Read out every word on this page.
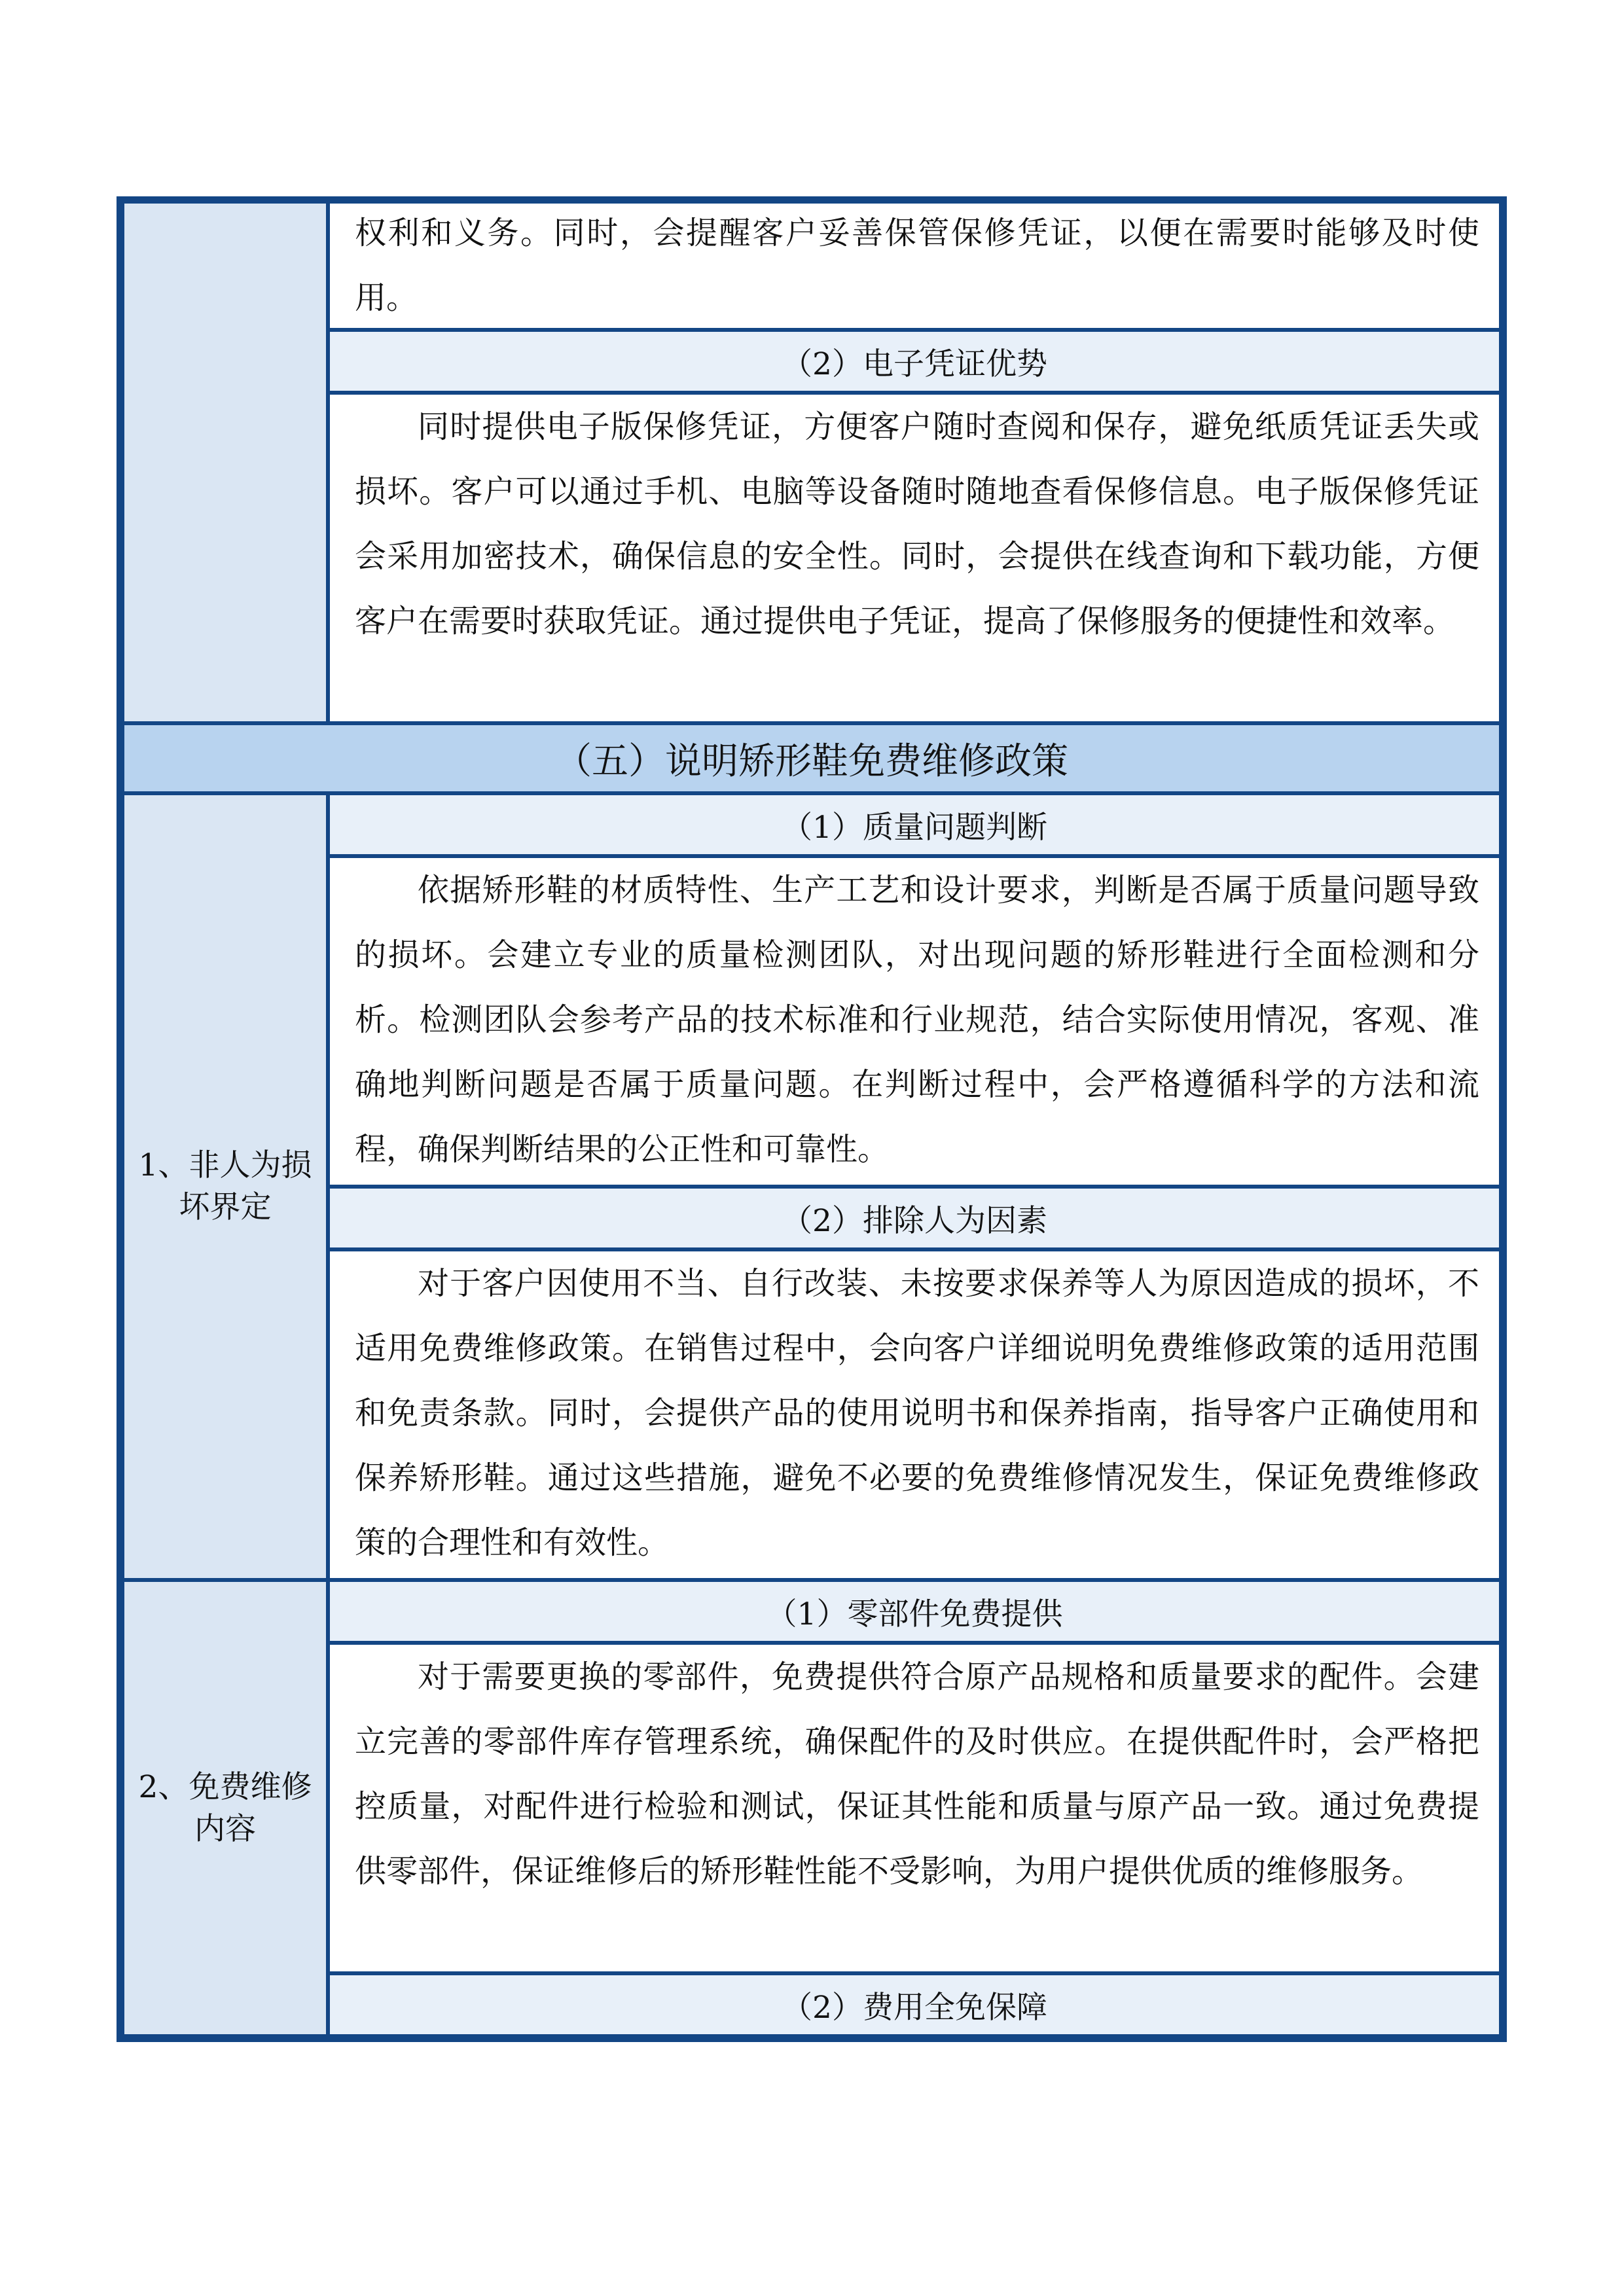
权利和义务。同时，会提醒客户妥善保管保修凭证，以便在需要时能够及时使用。

（2）电子凭证优势

同时提供电子版保修凭证，方便客户随时查阅和保存，避免纸质凭证丢失或损坏。客户可以通过手机、电脑等设备随时随地查看保修信息。电子版保修凭证会采用加密技术，确保信息的安全性。同时，会提供在线查询和下载功能，方便客户在需要时获取凭证。通过提供电子凭证，提高了保修服务的便捷性和效率。

（五）说明矫形鞋免费维修政策
1、非人为损坏界定
（1）质量问题判断

依据矫形鞋的材质特性、生产工艺和设计要求，判断是否属于质量问题导致的损坏。会建立专业的质量检测团队，对出现问题的矫形鞋进行全面检测和分析。检测团队会参考产品的技术标准和行业规范，结合实际使用情况，客观、准确地判断问题是否属于质量问题。在判断过程中，会严格遵循科学的方法和流程，确保判断结果的公正性和可靠性。

（2）排除人为因素

对于客户因使用不当、自行改装、未按要求保养等人为原因造成的损坏，不适用免费维修政策。在销售过程中，会向客户详细说明免费维修政策的适用范围和免责条款。同时，会提供产品的使用说明书和保养指南，指导客户正确使用和保养矫形鞋。通过这些措施，避免不必要的免费维修情况发生，保证免费维修政策的合理性和有效性。

2、免费维修内容
（1）零部件免费提供

对于需要更换的零部件，免费提供符合原产品规格和质量要求的配件。会建立完善的零部件库存管理系统，确保配件的及时供应。在提供配件时，会严格把控质量，对配件进行检验和测试，保证其性能和质量与原产品一致。通过免费提供零部件，保证维修后的矫形鞋性能不受影响，为用户提供优质的维修服务。

（2）费用全免保障
